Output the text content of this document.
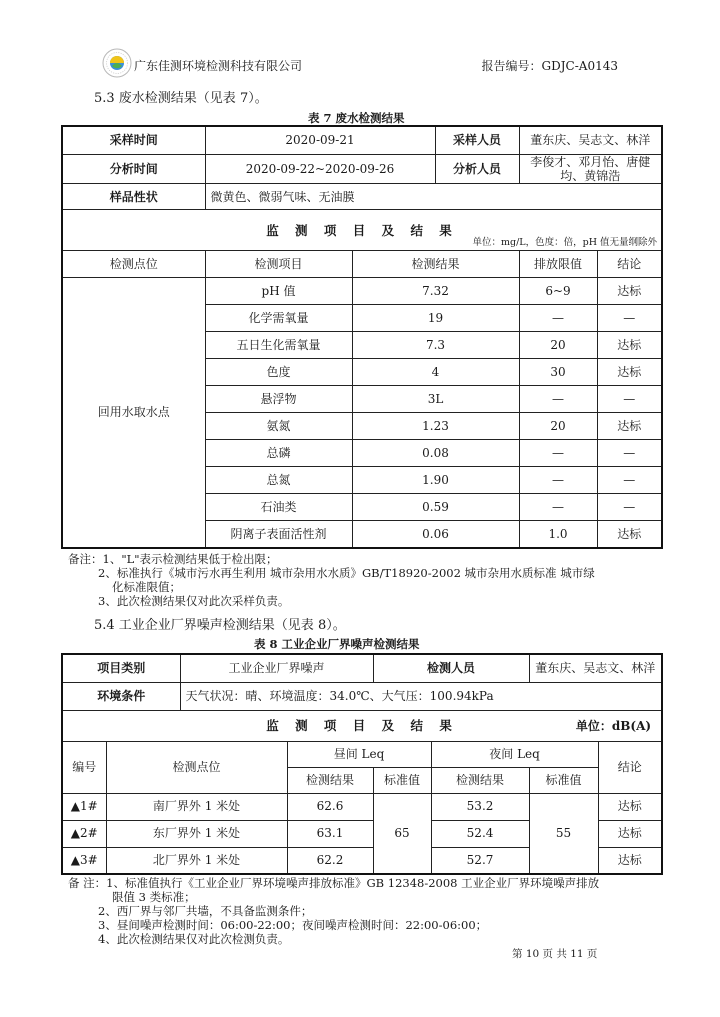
广东佳测环境检测科技有限公司	报告编号：GDJC-A0143
5.3 废水检测结果（见表 7）。
表 7 废水检测结果
采样时间	2020-09-21		采样人员	董东庆、吴志文、林洋	
分析时间	2020-09-22~2020-09-26		分析人员	李俊才、邓月怡、唐健均、黄锦浩	
样品性状	微黄色、微弱气味、无油膜				
监 测 项 目 及 结 果
单位：mg/L，色度：倍，pH 值无量纲除外					

检测点位	检测项目	检测结果		排放限值	结论
回用水取水点	pH 值	7.32		6~9	达标
	化学需氧量	19		—	—
	五日生化需氧量	7.3		20	达标
	色度	4		30	达标
	悬浮物	3L		—	—
	氨氮	1.23		20	达标
	总磷	0.08		—	—
	总氮	1.90		—	—
	石油类	0.59		—	—
	阴离子表面活性剂	0.06		1.0	达标
备注：1、"L"表示检测结果低于检出限；
2、标准执行《城市污水再生利用 城市杂用水水质》GB/T18920-2002 城市杂用水质标准 城市绿
化标准限值；
3、此次检测结果仅对此次采样负责。
5.4 工业企业厂界噪声检测结果（见表 8）。
表 8 工业企业厂界噪声检测结果
项目类别		工业企业厂界噪声		检测人员		董东庆、吴志文、林洋	
环境条件		天气状况：晴、环境温度：34.0℃、大气压：100.94kPa					
监 测 项 目 及 结 果 单位：dB(A)							

编号	检测点位		昼间 Leq		夜间 Leq		结论
			检测结果	标准值	检测结果	标准值	
▲1#	南厂界外 1 米处		62.6	65	53.2	55	达标
▲2#	东厂界外 1 米处		63.1		52.4		达标
▲3#	北厂界外 1 米处		62.2		52.7		达标
备 注：1、标准值执行《工业企业厂界环境噪声排放标准》GB 12348-2008 工业企业厂界环境噪声排放
限值 3 类标准；
2、西厂界与邻厂共墙，不具备监测条件；
3、昼间噪声检测时间：06:00-22:00；夜间噪声检测时间：22:00-06:00；
4、此次检测结果仅对此次检测负责。
第 10 页 共 11 页
